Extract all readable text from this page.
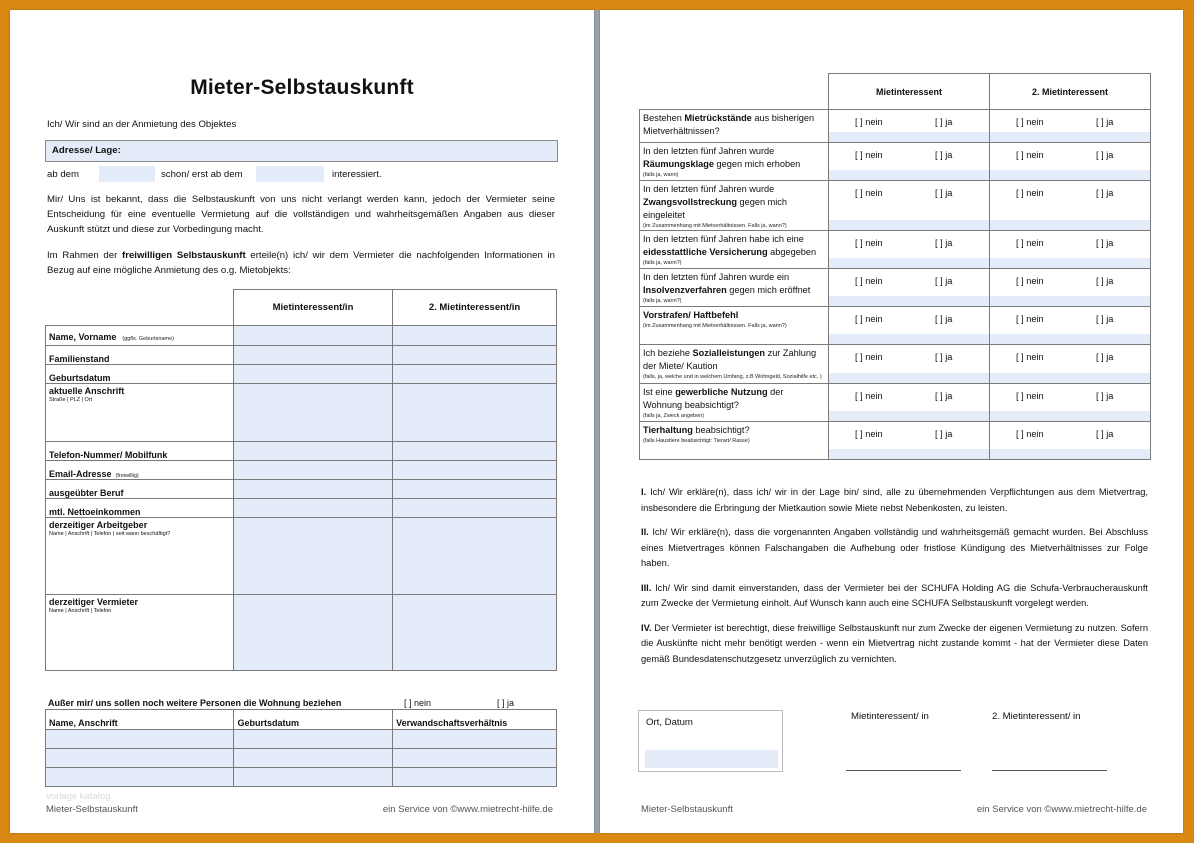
Mieter-Selbstauskunft
Ich/ Wir sind an der Anmietung des Objektes
Adresse/ Lage:
ab dem	schon/ erst ab dem	interessiert.
Mir/ Uns ist bekannt, dass die Selbstauskunft von uns nicht verlangt werden kann, jedoch der Vermieter seine Entscheidung für eine eventuelle Vermietung auf die vollständigen und wahrheitsgemäßen Angaben aus dieser Auskunft stützt und diese zur Vorbedingung macht.
Im Rahmen der freiwilligen Selbstauskunft erteile(n) ich/ wir dem Vermieter die nachfolgenden Informationen in Bezug auf eine mögliche Anmietung des o.g. Mietobjekts:
	Mietinteressent/in	2. Mietinteressent/in
Name, Vorname (ggfls. Geburtsname)		
Familienstand		
Geburtsdatum		
aktuelle Anschrift
Straße | PLZ | Ort		

Telefon-Nummer/ Mobilfunk		
Email-Adresse (freiwillig)		
ausgeübter Beruf		
mtl. Nettoeinkommen		
derzeitiger Arbeitgeber
Name | Anschrift | Telefon | seit wann beschäftigt?		

derzeitiger Vermieter
Name | Anschrift | Telefon		

Außer mir/ uns sollen noch weitere Personen die Wohnung beziehen	[ ] nein	[ ] ja
Name, Anschrift	Geburtsdatum	Verwandschaftsverhältnis

vorlage katalog
Mieter-Selbstauskunft	ein Service von ©www.mietrecht-hilfe.de
	Mietinteressent	2. Mietinteressent
Bestehen Mietrückstände aus bisherigen Mietverhältnissen?	[ ] nein [ ] ja	[ ] nein [ ] ja

In den letzten fünf Jahren wurde Räumungsklage gegen mich erhoben
(falls ja, wann)	[ ] nein [ ] ja	[ ] nein [ ] ja

In den letzten fünf Jahren wurde Zwangsvollstreckung gegen mich eingeleitet
(im Zusammenhang mit Mietverhältnissen. Falls ja, wann?)	[ ] nein [ ] ja	[ ] nein [ ] ja

In den letzten fünf Jahren habe ich eine eidesstattliche Versicherung abgegeben
(falls ja, wann?)	[ ] nein [ ] ja	[ ] nein [ ] ja

In den letzten fünf Jahren wurde ein Insolvenzverfahren gegen mich eröffnet
(falls ja, wann?)	[ ] nein [ ] ja	[ ] nein [ ] ja

Vorstrafen/ Haftbefehl
(im Zusammenhang mit Mietverhältnissen. Falls ja, wann?)	[ ] nein [ ] ja	[ ] nein [ ] ja

Ich beziehe Sozialleistungen zur Zahlung der Miete/ Kaution
(falls, ja, welche und in welchem Umfang, z.B Wohngeld, Sozialhilfe etc. )	[ ] nein [ ] ja	[ ] nein [ ] ja

Ist eine gewerbliche Nutzung der Wohnung beabsichtigt?
(falls ja, Zweck angeben)	[ ] nein [ ] ja	[ ] nein [ ] ja

Tierhaltung beabsichtigt?
(falls Haustiere beabsichtigt: Tierart/ Rasse)	[ ] nein [ ] ja	[ ] nein [ ] ja
I. Ich/ Wir erkläre(n), dass ich/ wir in der Lage bin/ sind, alle zu übernehmenden Verpflichtungen aus dem Mietvertrag, insbesondere die Erbringung der Mietkaution sowie Miete nebst Nebenkosten, zu leisten.
II. Ich/ Wir erkläre(n), dass die vorgenannten Angaben vollständig und wahrheitsgemäß gemacht wurden. Bei Abschluss eines Mietvertrages können Falschangaben die Aufhebung oder fristlose Kündigung des Mietverhältnisses zur Folge haben.
III. Ich/ Wir sind damit einverstanden, dass der Vermieter bei der SCHUFA Holding AG die Schufa-Verbraucherauskunft zum Zwecke der Vermietung einholt. Auf Wunsch kann auch eine SCHUFA Selbstauskunft vorgelegt werden.
IV. Der Vermieter ist berechtigt, diese freiwillige Selbstauskunft nur zum Zwecke der eigenen Vermietung zu nutzen. Sofern die Auskünfte nicht mehr benötigt werden - wenn ein Mietvertrag nicht zustande kommt - hat der Vermieter diese Daten gemäß Bundesdatenschutzgesetz unverzüglich zu vernichten.
Ort, Datum
Mietinteressent/ in	2. Mietinteressent/ in
Mieter-Selbstauskunft	ein Service von ©www.mietrecht-hilfe.de
